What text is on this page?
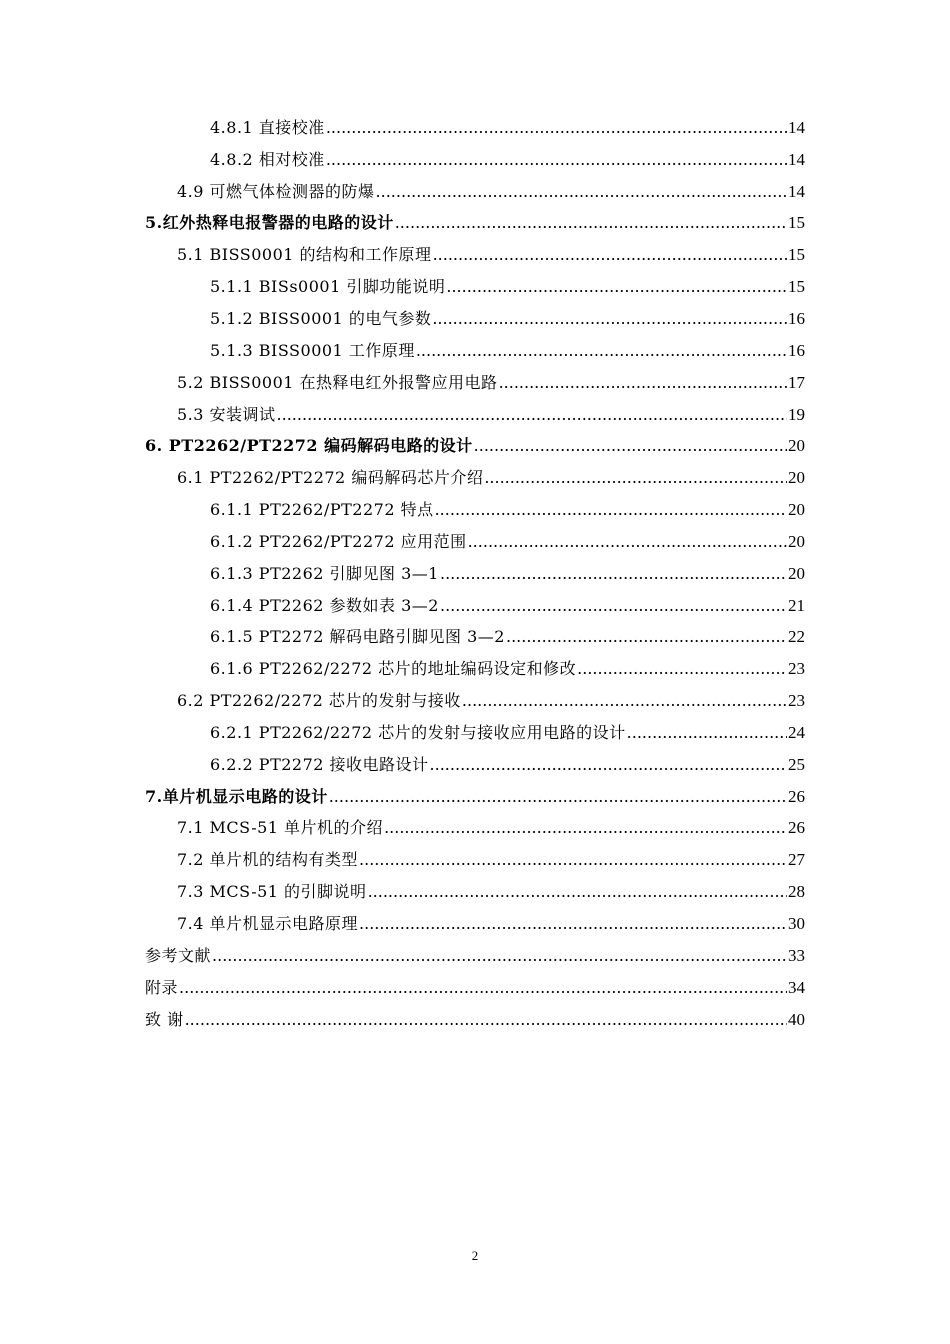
4.8.1 直接校准 .....	14
4.8.2 相对校准 .....	14
4.9 可燃气体检测器的防爆 .....	14
5.红外热释电报警器的电路的设计 .....	15
5.1 BISS0001 的结构和工作原理 .....	15
5.1.1 BISs0001 引脚功能说明 .....	15
5.1.2 BISS0001 的电气参数 .....	16
5.1.3 BISS0001 工作原理 .....	16
5.2 BISS0001 在热释电红外报警应用电路 .....	17
5.3 安装调试 .....	19
6. PT2262/PT2272 编码解码电路的设计 .....	20
6.1 PT2262/PT2272 编码解码芯片介绍 .....	20
6.1.1 PT2262/PT2272 特点 .....	20
6.1.2 PT2262/PT2272 应用范围 .....	20
6.1.3 PT2262 引脚见图 3—1 .....	20
6.1.4 PT2262 参数如表 3—2 .....	21
6.1.5 PT2272 解码电路引脚见图 3—2 .....	22
6.1.6 PT2262/2272 芯片的地址编码设定和修改 .....	23
6.2 PT2262/2272 芯片的发射与接收 .....	23
6.2.1 PT2262/2272 芯片的发射与接收应用电路的设计 .....	24
6.2.2 PT2272 接收电路设计 .....	25
7.单片机显示电路的设计 .....	26
7.1 MCS-51 单片机的介绍 .....	26
7.2 单片机的结构有类型 .....	27
7.3 MCS-51 的引脚说明 .....	28
7.4 单片机显示电路原理 .....	30
参考文献 .....	33
附录 .....	34
致 谢 .....	40
2
